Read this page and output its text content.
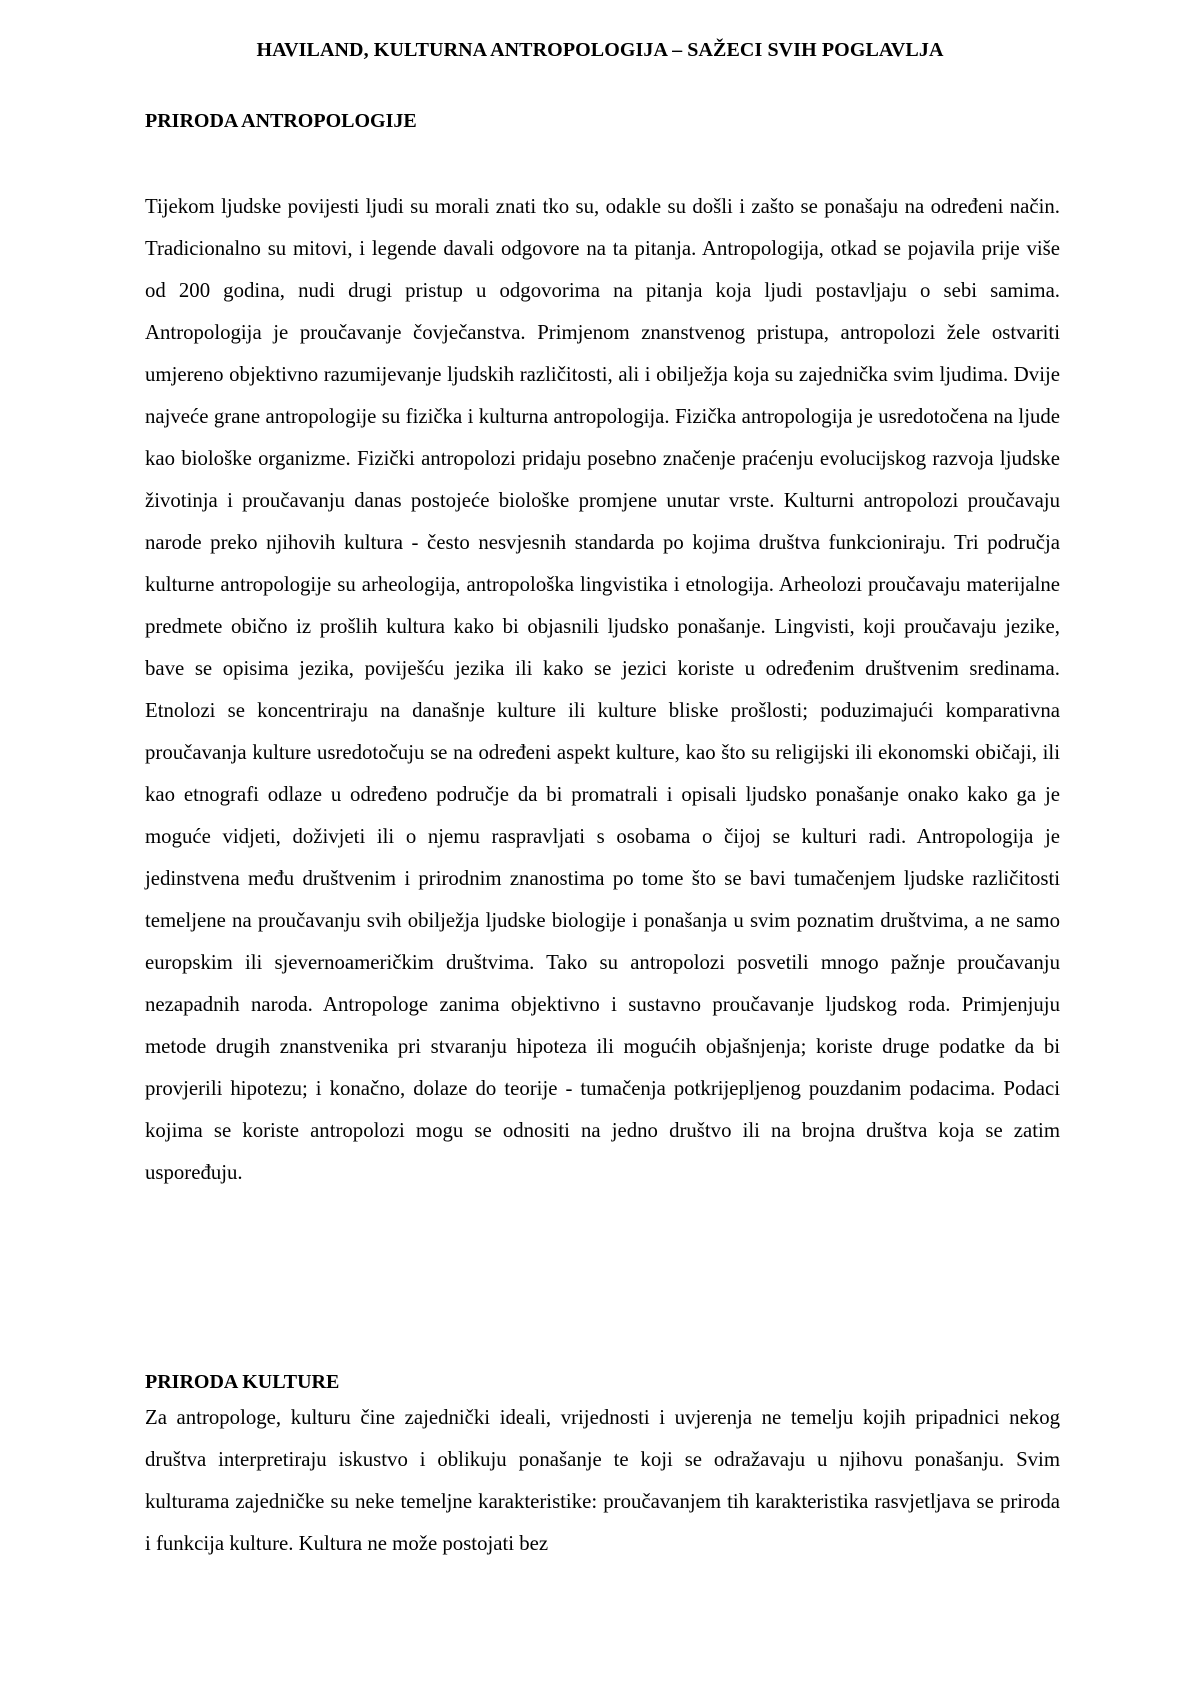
HAVILAND, KULTURNA ANTROPOLOGIJA – SAŽECI SVIH POGLAVLJA
PRIRODA ANTROPOLOGIJE

Tijekom ljudske povijesti ljudi su morali znati tko su, odakle su došli i zašto se ponašaju na određeni način. Tradicionalno su mitovi, i legende davali odgovore na ta pitanja. Antropologija, otkad se pojavila prije više od 200 godina, nudi drugi pristup u odgovorima na pitanja koja ljudi postavljaju o sebi samima. Antropologija je proučavanje čovječanstva. Primjenom znanstvenog pristupa, antropolozi žele ostvariti umjereno objektivno razumijevanje ljudskih različitosti, ali i obilježja koja su zajednička svim ljudima. Dvije najveće grane antropologije su fizička i kulturna antropologija. Fizička antropologija je usredotočena na ljude kao biološke organizme. Fizički antropolozi pridaju posebno značenje praćenju evolucijskog razvoja ljudske životinja i proučavanju danas postojeće biološke promjene unutar vrste. Kulturni antropolozi proučavaju narode preko njihovih kultura - često nesvjesnih standarda po kojima društva funkcioniraju. Tri područja kulturne antropologije su arheologija, antropološka lingvistika i etnologija. Arheolozi proučavaju materijalne predmete obično iz prošlih kultura kako bi objasnili ljudsko ponašanje. Lingvisti, koji proučavaju jezike, bave se opisima jezika, poviješću jezika ili kako se jezici koriste u određenim društvenim sredinama. Etnolozi se koncentriraju na današnje kulture ili kulture bliske prošlosti; poduzimajući komparativna proučavanja kulture usredotočuju se na određeni aspekt kulture, kao što su religijski ili ekonomski običaji, ili kao etnografi odlaze u određeno područje da bi promatrali i opisali ljudsko ponašanje onako kako ga je moguće vidjeti, doživjeti ili o njemu raspravljati s osobama o čijoj se kulturi radi. Antropologija je jedinstvena među društvenim i prirodnim znanostima po tome što se bavi tumačenjem ljudske različitosti temeljene na proučavanju svih obilježja ljudske biologije i ponašanja u svim poznatim društvima, a ne samo europskim ili sjevernoameričkim društvima. Tako su antropolozi posvetili mnogo pažnje proučavanju nezapadnih naroda. Antropologe zanima objektivno i sustavno proučavanje ljudskog roda. Primjenjuju metode drugih znanstvenika pri stvaranju hipoteza ili mogućih objašnjenja; koriste druge podatke da bi provjerili hipotezu; i konačno, dolaze do teorije - tumačenja potkrijepljenog pouzdanim podacima. Podaci kojima se koriste antropolozi mogu se odnositi na jedno društvo ili na brojna društva koja se zatim uspoređuju.

PRIRODA KULTURE

Za antropologe, kulturu čine zajednički ideali, vrijednosti i uvjerenja ne temelju kojih pripadnici nekog društva interpretiraju iskustvo i oblikuju ponašanje te koji se odražavaju u njihovu ponašanju. Svim kulturama zajedničke su neke temeljne karakteristike: proučavanjem tih karakteristika rasvjetljava se priroda i funkcija kulture. Kultura ne može postojati bez
